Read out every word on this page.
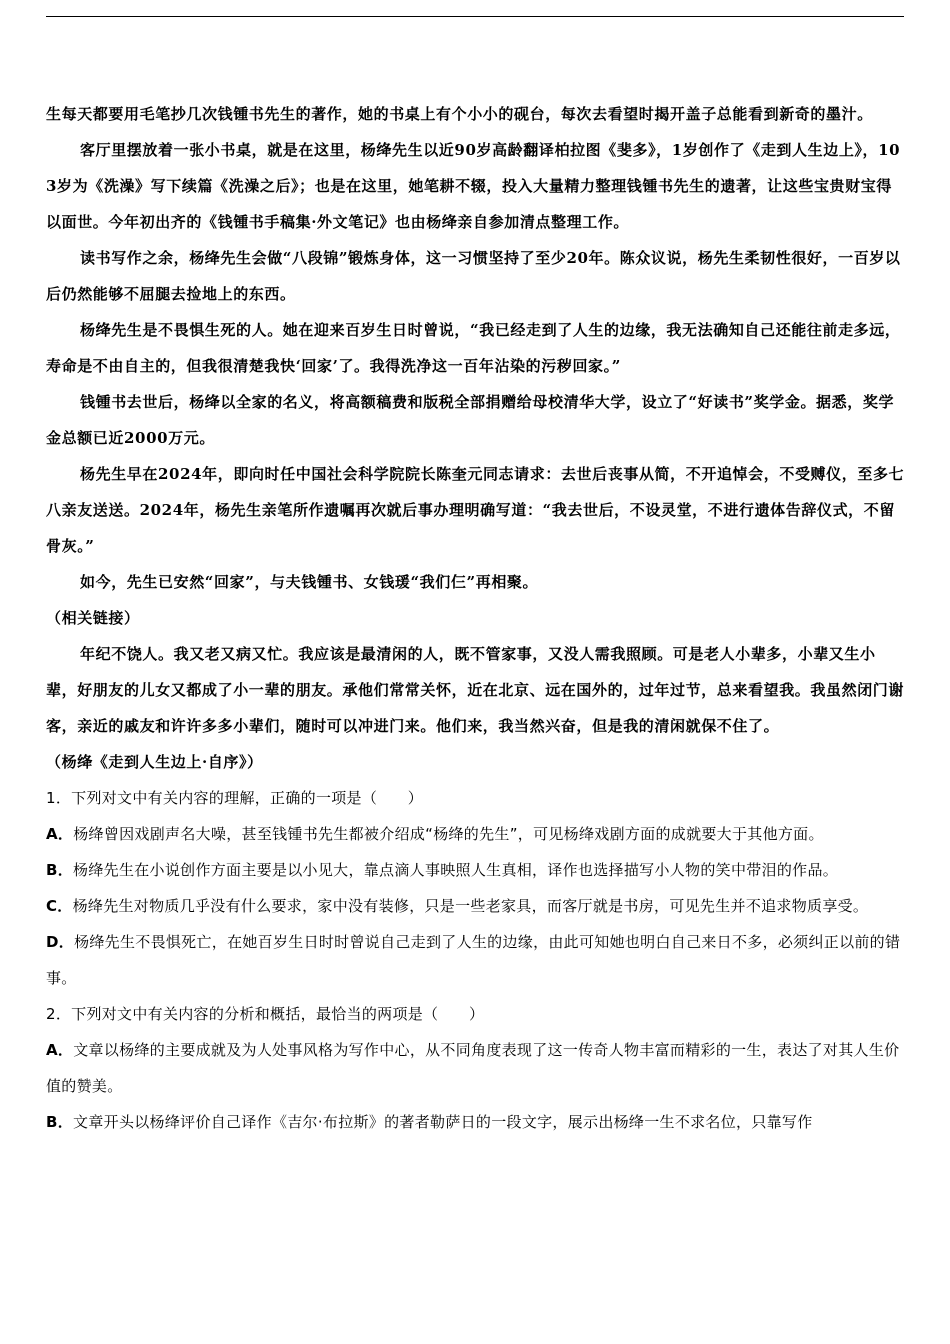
生每天都要用毛笔抄几次钱锺书先生的著作，她的书桌上有个小小的砚台，每次去看望时揭开盖子总能看到新奇的墨汁。

客厅里摆放着一张小书桌，就是在这里，杨绛先生以近90岁高龄翻译柏拉图《斐多》，1岁创作了《走到人生边上》，103岁为《洗澡》写下续篇《洗澡之后》；也是在这里，她笔耕不辍，投入大量精力整理钱锺书先生的遗著，让这些宝贵财宝得以面世。今年初出齐的《钱锺书手稿集·外文笔记》也由杨绛亲自参加清点整理工作。

读书写作之余，杨绛先生会做“八段锦”锻炼身体，这一习惯坚持了至少20年。陈众议说，杨先生柔韧性很好，一百岁以后仍然能够不屈腿去捡地上的东西。

杨绛先生是不畏惧生死的人。她在迎来百岁生日时曾说，“我已经走到了人生的边缘，我无法确知自己还能往前走多远，寿命是不由自主的，但我很清楚我快‘回家’了。我得洗净这一百年沾染的污秽回家。”

钱锺书去世后，杨绛以全家的名义，将高额稿费和版税全部捐赠给母校清华大学，设立了“好读书”奖学金。据悉，奖学金总额已近2000万元。

杨先生早在2024年，即向时任中国社会科学院院长陈奎元同志请求：去世后丧事从简，不开追悼会，不受赙仪，至多七八亲友送送。2024年，杨先生亲笔所作遗嘱再次就后事办理明确写道：“我去世后，不设灵堂，不进行遗体告辞仪式，不留骨灰。”

如今，先生已安然“回家”，与夫钱锺书、女钱瑗“我们仨”再相聚。

（相关链接）

年纪不饶人。我又老又病又忙。我应该是最清闲的人，既不管家事，又没人需我照顾。可是老人小辈多，小辈又生小辈，好朋友的儿女又都成了小一辈的朋友。承他们常常关怀，近在北京、远在国外的，过年过节，总来看望我。我虽然闭门谢客，亲近的戚友和许许多多小辈们，随时可以冲进门来。他们来，我当然兴奋，但是我的清闲就保不住了。

（杨绛《走到人生边上·自序》）

1．下列对文中有关内容的理解，正确的一项是（　　）

A．杨绛曾因戏剧声名大噪，甚至钱锺书先生都被介绍成“杨绛的先生”，可见杨绛戏剧方面的成就要大于其他方面。

B．杨绛先生在小说创作方面主要是以小见大，靠点滴人事映照人生真相，译作也选择描写小人物的笑中带泪的作品。

C．杨绛先生对物质几乎没有什么要求，家中没有装修，只是一些老家具，而客厅就是书房，可见先生并不追求物质享受。

D．杨绛先生不畏惧死亡，在她百岁生日时时曾说自己走到了人生的边缘，由此可知她也明白自己来日不多，必须纠正以前的错事。

2．下列对文中有关内容的分析和概括，最恰当的两项是（　　）

A．文章以杨绛的主要成就及为人处事风格为写作中心，从不同角度表现了这一传奇人物丰富而精彩的一生，表达了对其人生价值的赞美。

B．文章开头以杨绛评价自己译作《吉尔·布拉斯》的著者勒萨日的一段文字，展示出杨绛一生不求名位，只靠写作
